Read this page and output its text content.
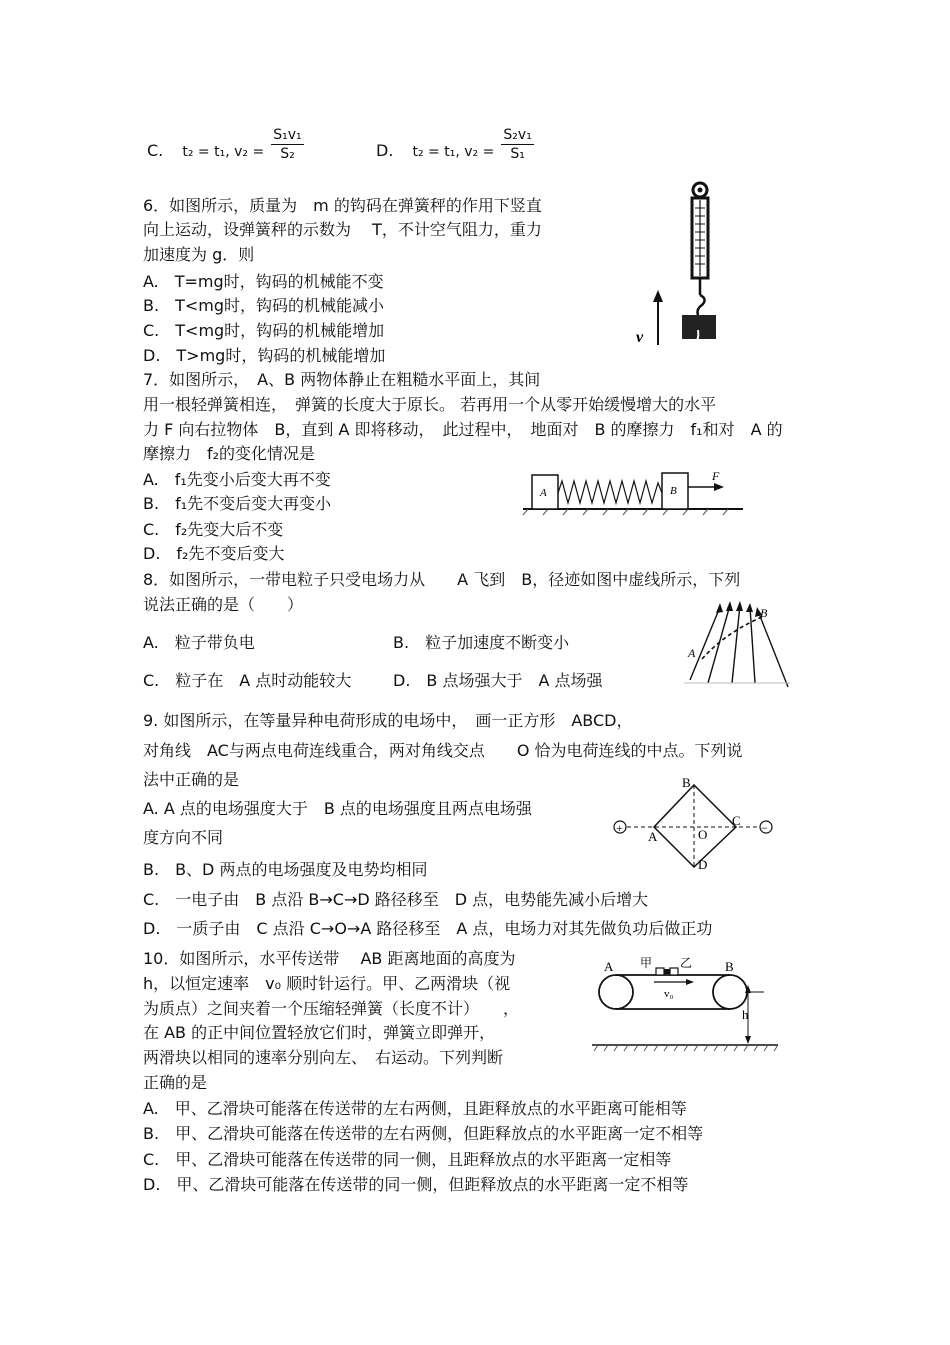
C. t₂ = t₁, $v_2 = \frac{\text{S₁v₁}}{\text{S₂}}$	D. t₂ = t₁, $v_2 = \frac{\text{S₂v₁}}{\text{S₁}}$
6．如图所示，质量为　m 的钩码在弹簧秤的作用下竖直
向上运动，设弹簧秤的示数为　 T，不计空气阻力，重力
加速度为 g．则
A.　T=mg时，钩码的机械能不变
B.　T<mg时，钩码的机械能减小
C.　T<mg时，钩码的机械能增加
D.　T>mg时，钩码的机械能增加
v
7．如图所示，　A、B 两物体静止在粗糙水平面上，其间
用一根轻弹簧相连，　弹簧的长度大于原长。 若再用一个从零开始缓慢增大的水平
力 F 向右拉物体　B，直到 A 即将移动，　此过程中，　地面对　B 的摩擦力　f₁和对　A 的
摩擦力　f₂的变化情况是
A.　f₁先变小后变大再不变
B.　f₁先不变后变大再变小
C.　f₂先变大后不变
D.　f₂先不变后变大
A	B
F
8．如图所示，一带电粒子只受电场力从　　A 飞到　B，径迹如图中虚线所示，下列
说法正确的是（　　）
A.　粒子带负电	B.　粒子加速度不断变小
C.　粒子在　A 点时动能较大	D.　B 点场强大于　A 点场强
A
B
9. 如图所示，在等量异种电荷形成的电场中，　画一正方形　ABCD，
对角线　AC与两点电荷连线重合，两对角线交点　　O 恰为电荷连线的中点。下列说
法中正确的是
A. A 点的电场强度大于　B 点的电场强度且两点电场强
度方向不同
B.　B、D 两点的电场强度及电势均相同
C.　一电子由　B 点沿 B→C→D 路径移至　D 点，电势能先减小后增大
D.　一质子由　C 点沿 C→O→A 路径移至　A 点，电场力对其先做负功后做正功
+	−
A
B
C
D
O
10．如图所示，水平传送带　 AB 距离地面的高度为
h，以恒定速率　v₀ 顺时针运行。甲、乙两滑块（视
为质点）之间夹着一个压缩轻弹簧（长度不计）　　，
在 AB 的正中间位置轻放它们时，弹簧立即弹开，
两滑块以相同的速率分别向左、　右运动。下列判断
正确的是
A.　甲、乙滑块可能落在传送带的左右两侧，且距释放点的水平距离可能相等
B.　甲、乙滑块可能落在传送带的左右两侧，但距释放点的水平距离一定不相等
C.　甲、乙滑块可能落在传送带的同一侧，且距释放点的水平距离一定相等
D.　甲、乙滑块可能落在传送带的同一侧，但距释放点的水平距离一定不相等
A	B
甲 乙
v₀
h
